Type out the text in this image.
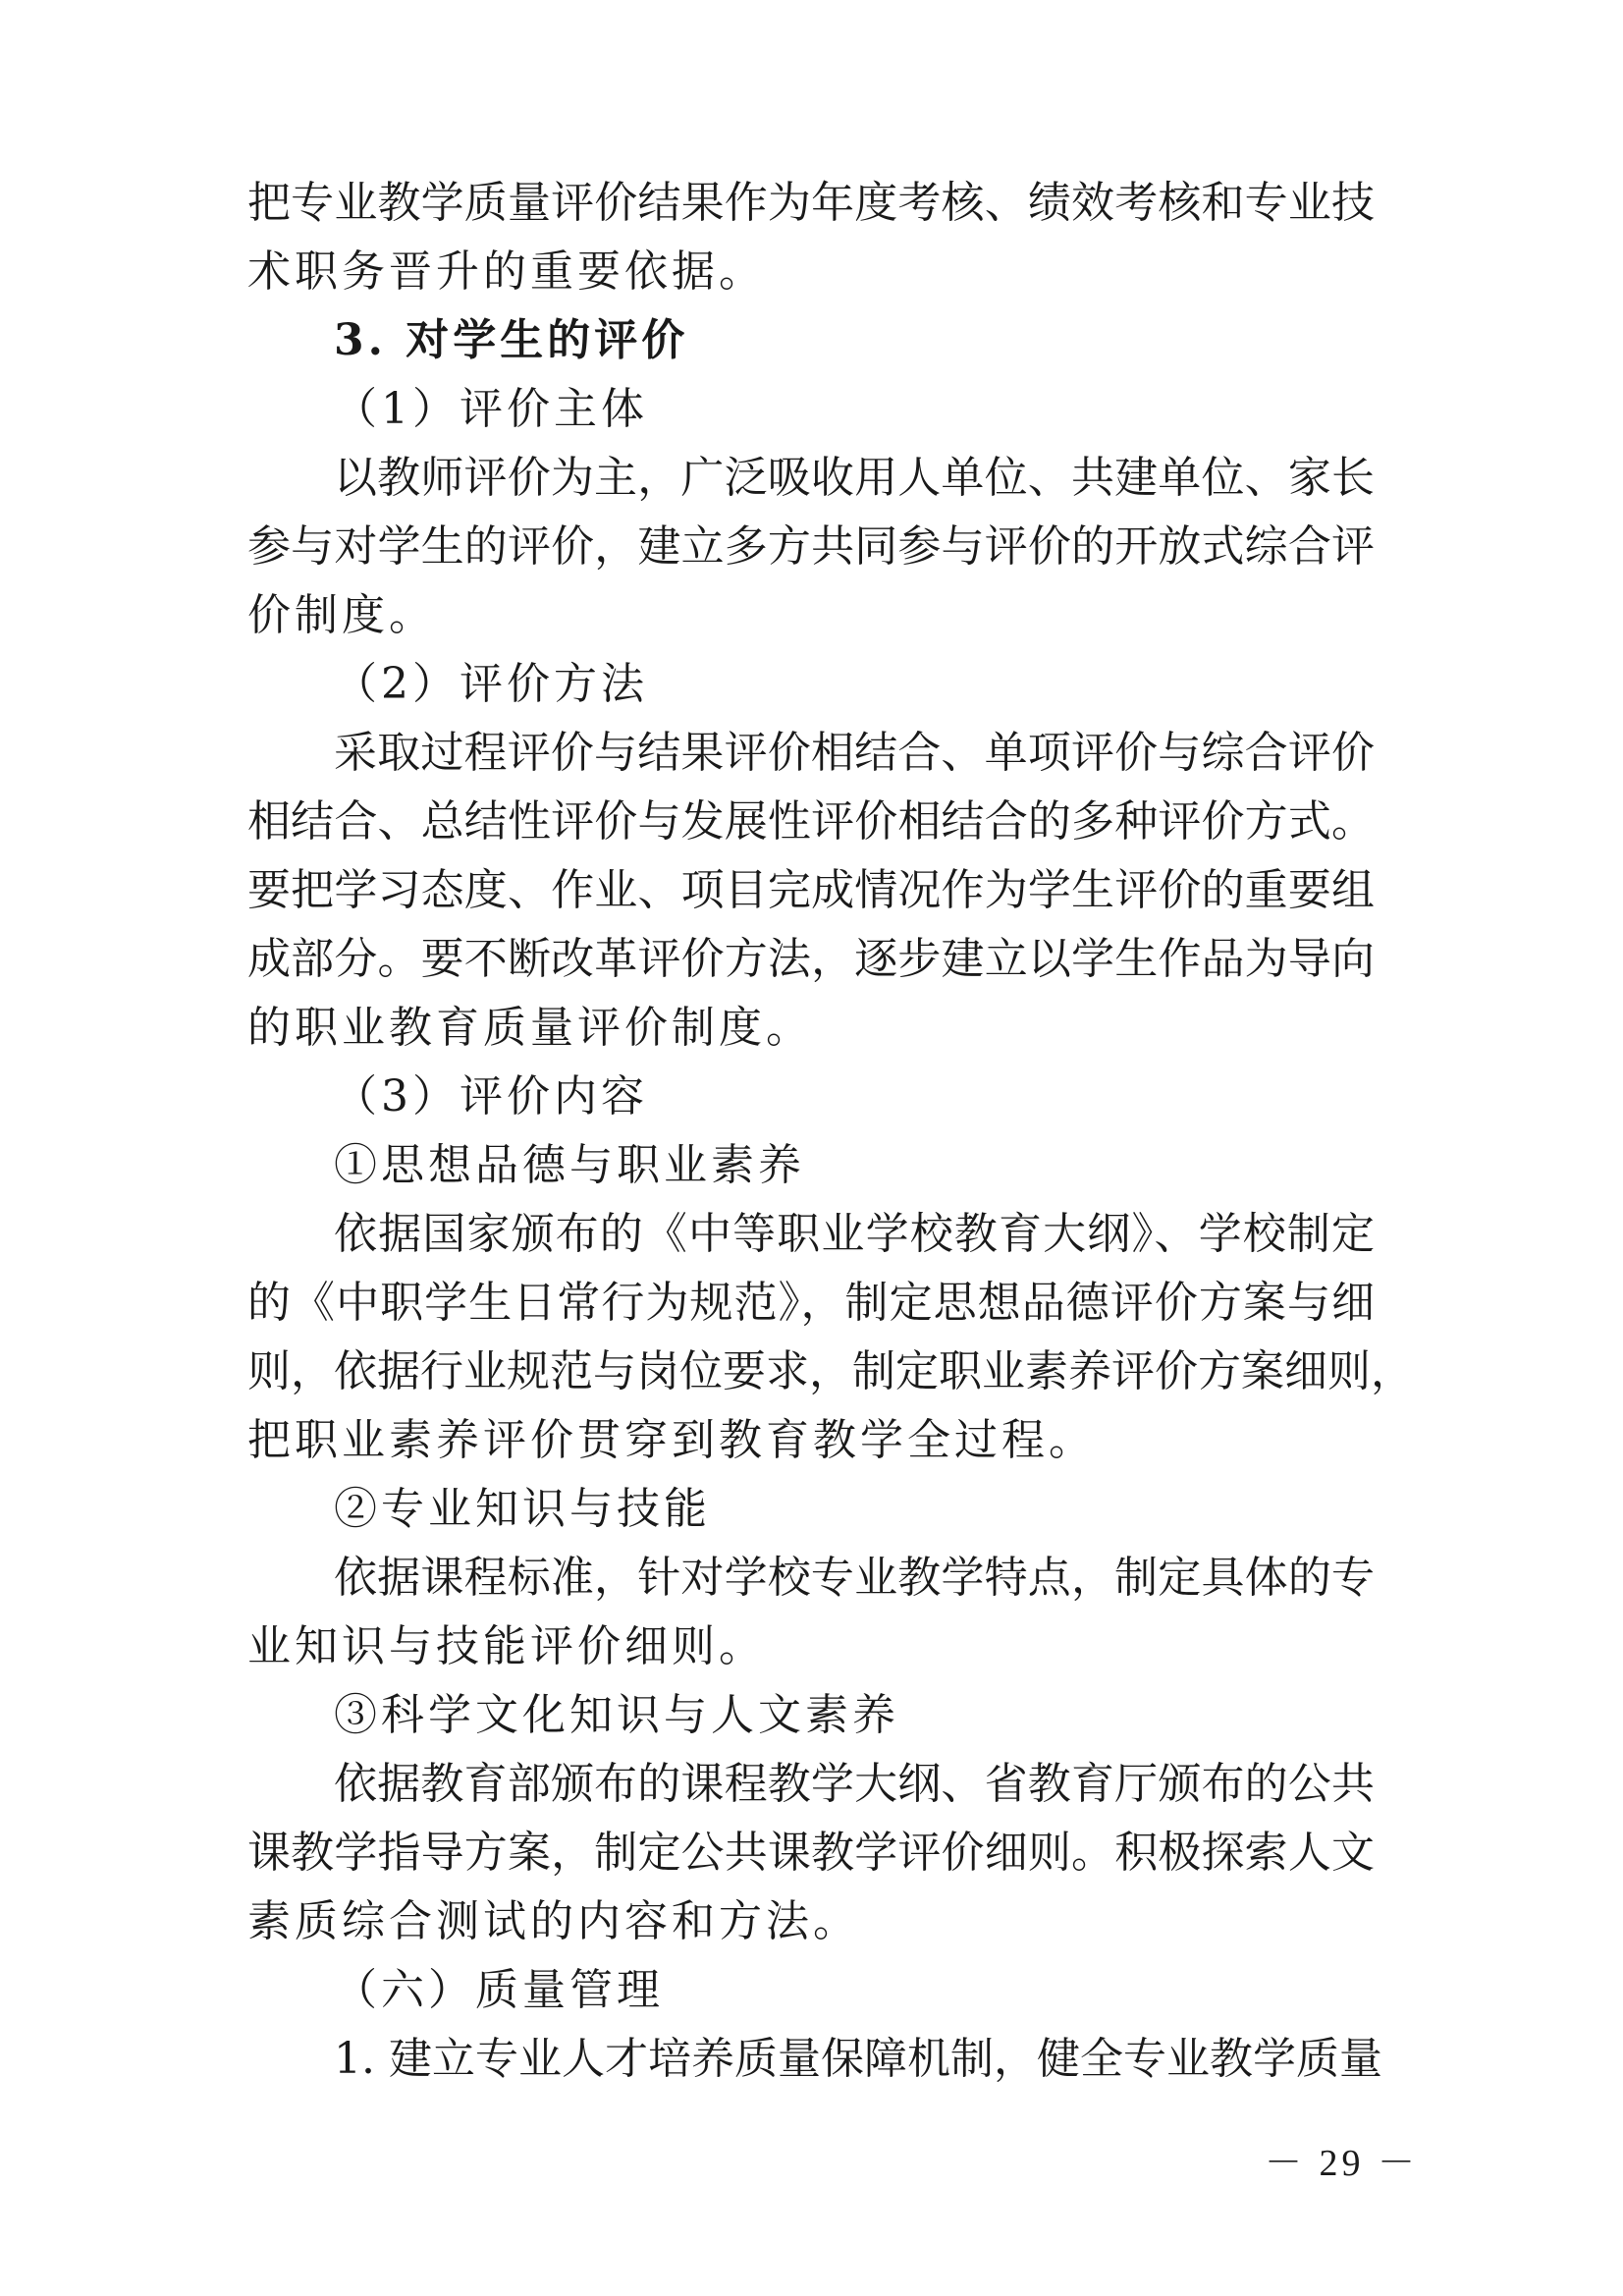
把专业教学质量评价结果作为年度考核、绩效考核和专业技
术职务晋升的重要依据。
3. 对学生的评价
（1）评价主体
以教师评价为主，广泛吸收用人单位、共建单位、家长
参与对学生的评价，建立多方共同参与评价的开放式综合评
价制度。
（2）评价方法
采取过程评价与结果评价相结合、单项评价与综合评价
相结合、总结性评价与发展性评价相结合的多种评价方式。
要把学习态度、作业、项目完成情况作为学生评价的重要组
成部分。要不断改革评价方法，逐步建立以学生作品为导向
的职业教育质量评价制度。
（3）评价内容
①思想品德与职业素养
依据国家颁布的《中等职业学校教育大纲》、学校制定
的《中职学生日常行为规范》，制定思想品德评价方案与细
则，依据行业规范与岗位要求，制定职业素养评价方案细则，
把职业素养评价贯穿到教育教学全过程。
②专业知识与技能
依据课程标准，针对学校专业教学特点，制定具体的专
业知识与技能评价细则。
③科学文化知识与人文素养
依据教育部颁布的课程教学大纲、省教育厅颁布的公共
课教学指导方案，制定公共课教学评价细则。积极探索人文
素质综合测试的内容和方法。
（六）质量管理
1. 建立专业人才培养质量保障机制，健全专业教学质量
－ 29 －
